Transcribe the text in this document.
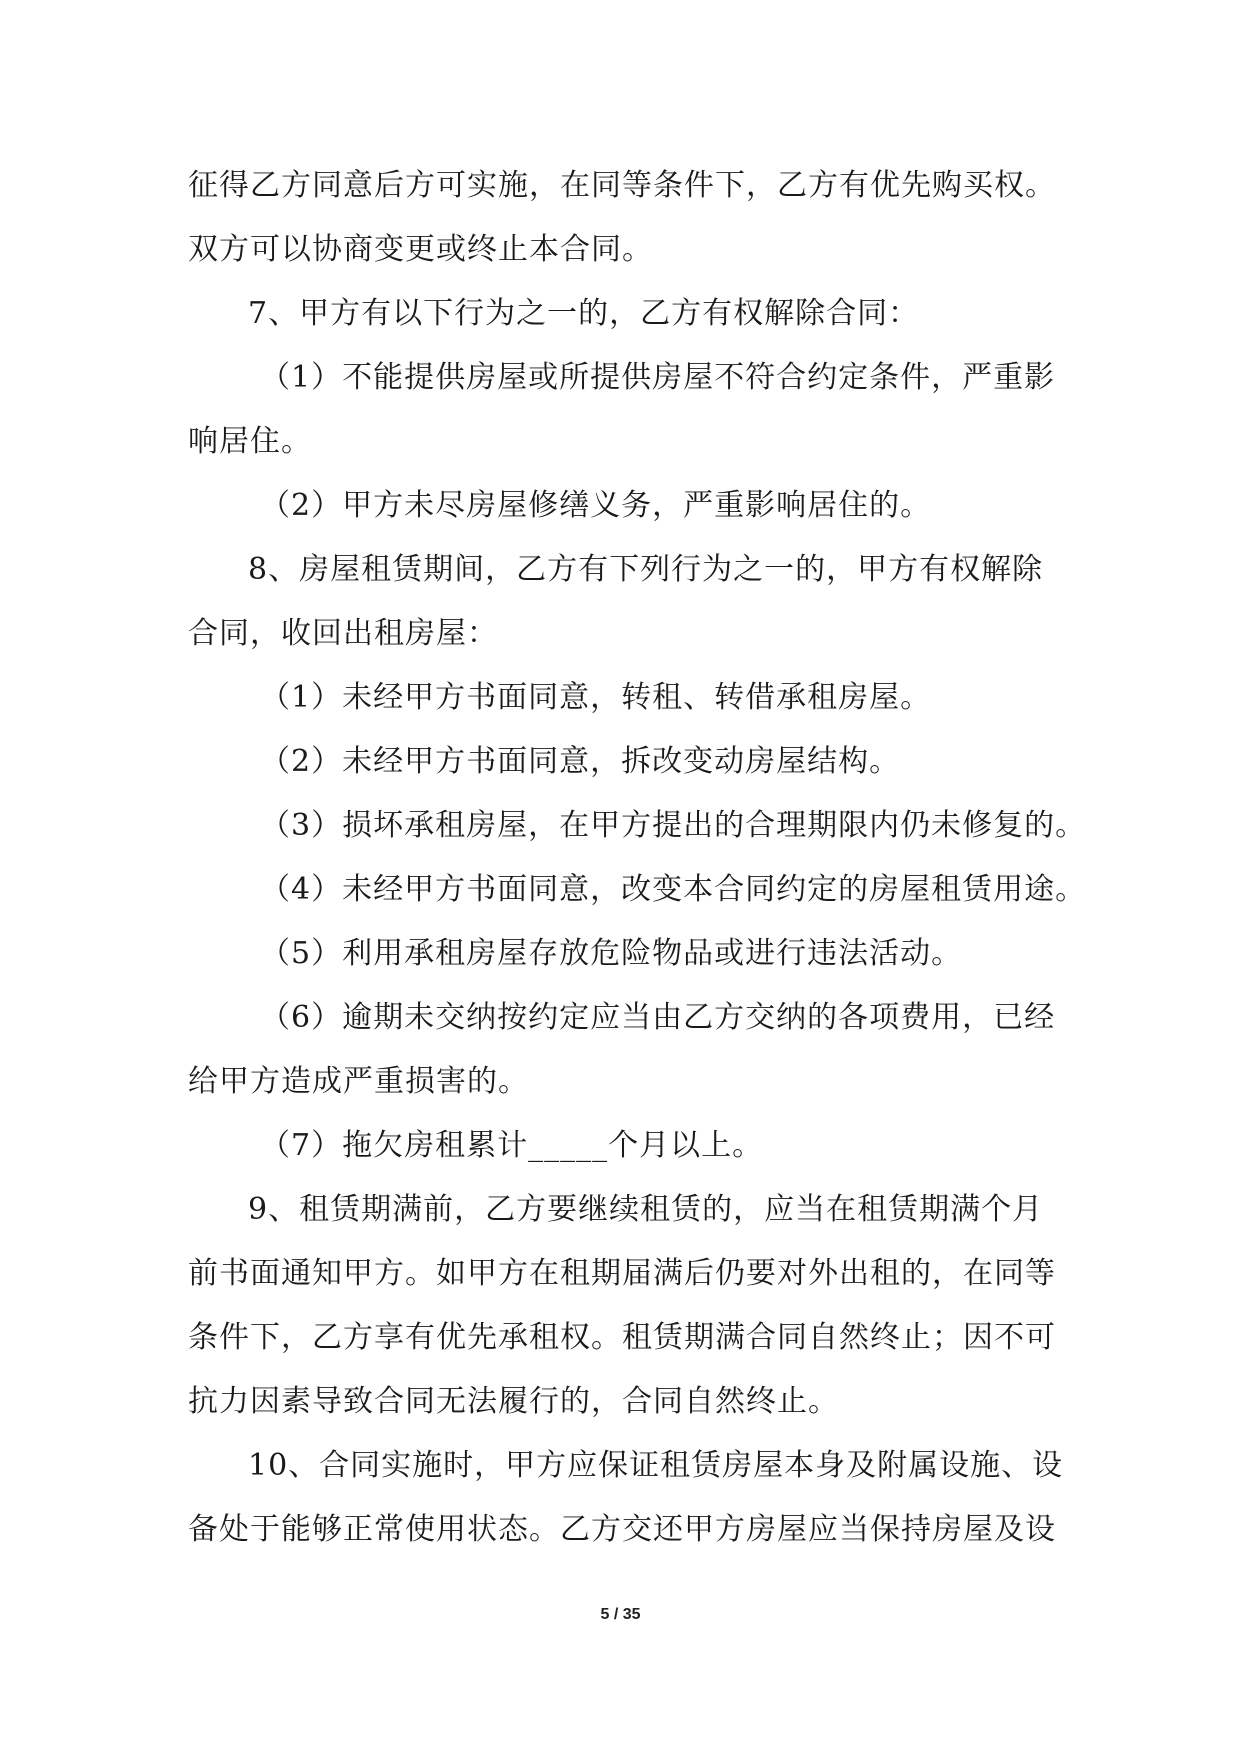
征得乙方同意后方可实施，在同等条件下，乙方有优先购买权。
双方可以协商变更或终止本合同。
7、甲方有以下行为之一的，乙方有权解除合同：
（1）不能提供房屋或所提供房屋不符合约定条件，严重影
响居住。
（2）甲方未尽房屋修缮义务，严重影响居住的。
8、房屋租赁期间，乙方有下列行为之一的，甲方有权解除
合同，收回出租房屋：
（1）未经甲方书面同意，转租、转借承租房屋。
（2）未经甲方书面同意，拆改变动房屋结构。
（3）损坏承租房屋，在甲方提出的合理期限内仍未修复的。
（4）未经甲方书面同意，改变本合同约定的房屋租赁用途。
（5）利用承租房屋存放危险物品或进行违法活动。
（6）逾期未交纳按约定应当由乙方交纳的各项费用，已经
给甲方造成严重损害的。
（7）拖欠房租累计_____个月以上。
9、租赁期满前，乙方要继续租赁的，应当在租赁期满个月
前书面通知甲方。如甲方在租期届满后仍要对外出租的，在同等
条件下，乙方享有优先承租权。租赁期满合同自然终止；因不可
抗力因素导致合同无法履行的，合同自然终止。
10、合同实施时，甲方应保证租赁房屋本身及附属设施、设
备处于能够正常使用状态。乙方交还甲方房屋应当保持房屋及设
5 / 35
